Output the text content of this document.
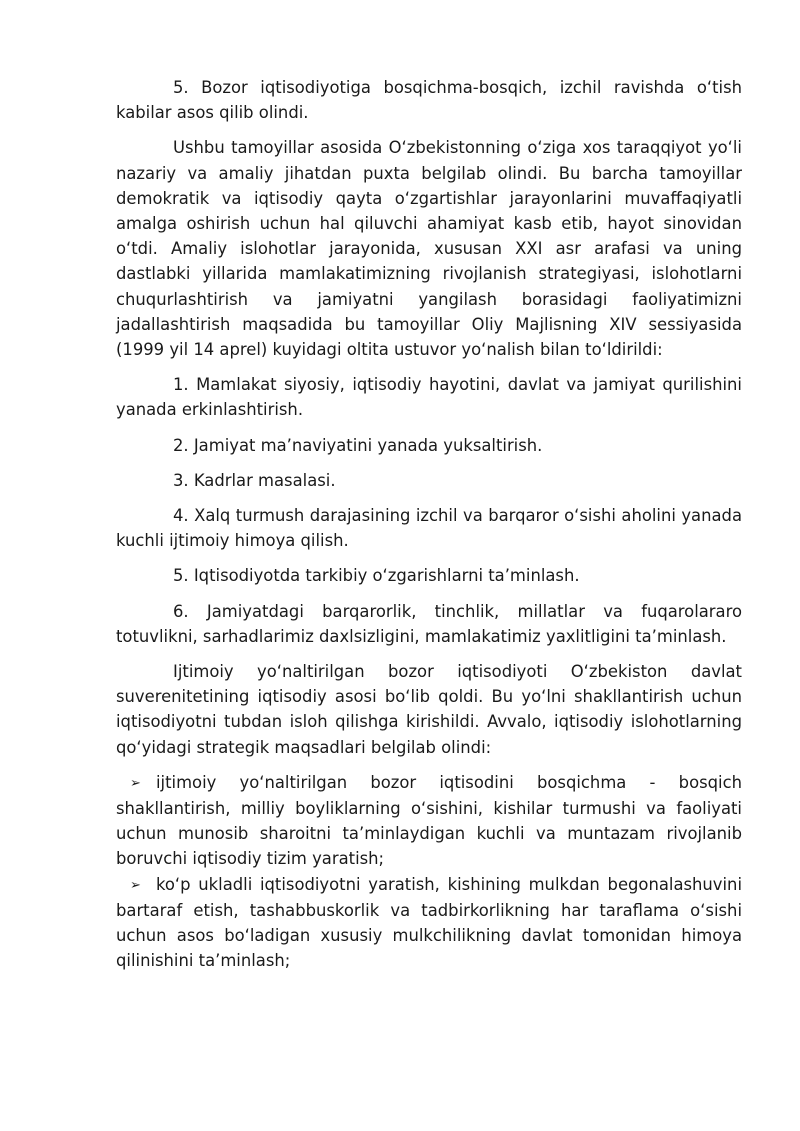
5. Bozor iqtisodiyotiga bosqichma-bosqich, izchil ravishda o‘tish kabilar asos qilib olindi.

Ushbu tamoyillar asosida O‘zbekistonning o‘ziga xos taraqqiyot yo‘li nazariy va amaliy jihatdan puxta belgilab olindi. Bu barcha tamoyillar demokratik va iqtisodiy qayta o‘zgartishlar jarayonlarini muvaffaqiyatli amalga oshirish uchun hal qiluvchi ahamiyat kasb etib, hayot sinovidan o‘tdi. Amaliy islohotlar jarayonida, xususan XXI asr arafasi va uning dastlabki yillarida mamlakatimizning rivojlanish strategiyasi, islohotlarni chuqurlashtirish va jamiyatni yangilash borasidagi faoliyatimizni jadallashtirish maqsadida bu tamoyillar Oliy Majlisning XIV sessiyasida (1999 yil 14 aprel) kuyidagi oltita ustuvor yo‘nalish bilan to‘ldirildi:

1. Mamlakat siyosiy, iqtisodiy hayotini, davlat va jamiyat qurilishini yanada erkinlashtirish.

2. Jamiyat ma’naviyatini yanada yuksaltirish.

3. Kadrlar masalasi.

4. Xalq turmush darajasining izchil va barqaror o‘sishi aholini yanada kuchli ijtimoiy himoya qilish.

5. Iqtisodiyotda tarkibiy o‘zgarishlarni ta’minlash.

6. Jamiyatdagi barqarorlik, tinchlik, millatlar va fuqarolararo totuvlikni, sarhadlarimiz daxlsizligini, mamlakatimiz yaxlitligini ta’minlash.

Ijtimoiy yo‘naltirilgan bozor iqtisodiyoti O‘zbekiston davlat suverenitetining iqtisodiy asosi bo‘lib qoldi. Bu yo‘lni shakllantirish uchun iqtisodiyotni tubdan isloh qilishga kirishildi. Avvalo, iqtisodiy islohotlarning qo‘yidagi strategik maqsadlari belgilab olindi:

➢ ijtimoiy yo‘naltirilgan bozor iqtisodini bosqichma - bosqich shakllantirish, milliy boyliklarning o‘sishini, kishilar turmushi va faoliyati uchun munosib sharoitni ta’minlaydigan kuchli va muntazam rivojlanib boruvchi iqtisodiy tizim yaratish;

➢ ko‘p ukladli iqtisodiyotni yaratish, kishining mulkdan begonalashuvini bartaraf etish, tashabbuskorlik va tadbirkorlikning har taraflama o‘sishi uchun asos bo‘ladigan xususiy mulkchilikning davlat tomonidan himoya qilinishini ta’minlash;
